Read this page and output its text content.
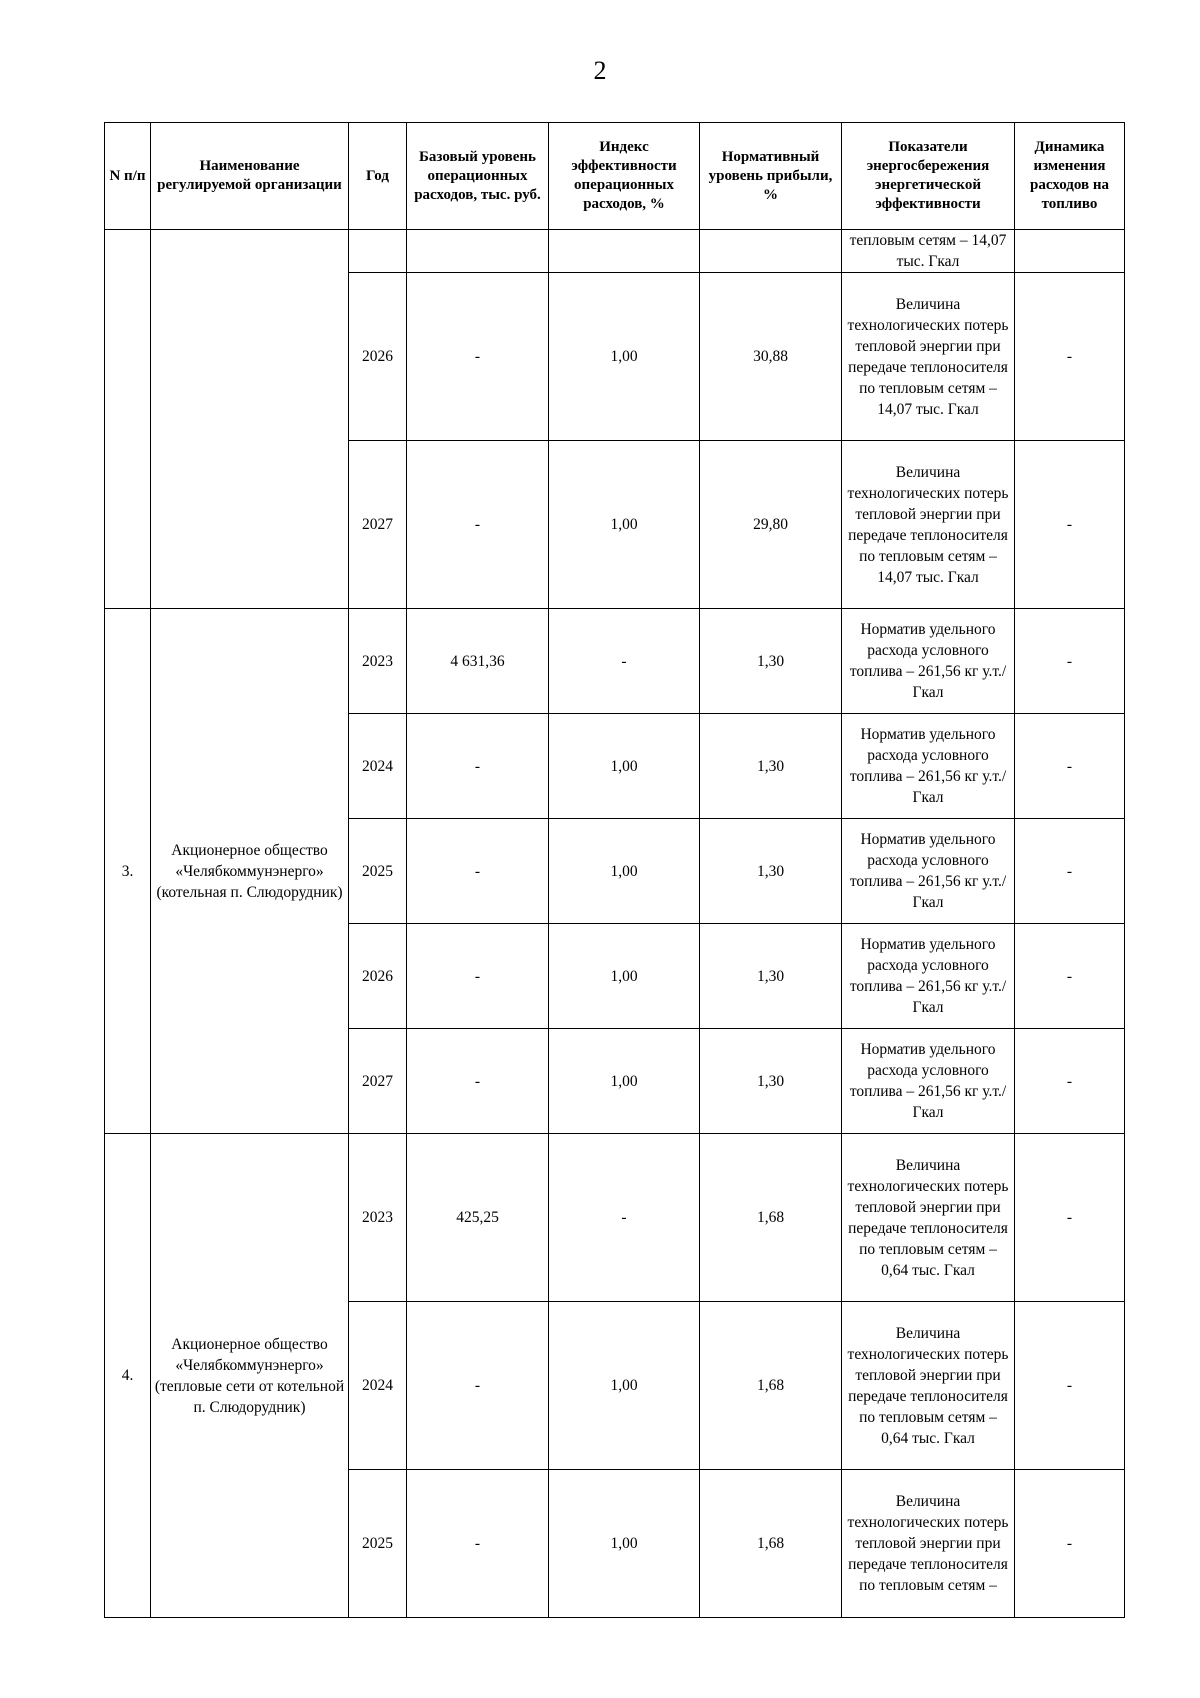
2
N п/п	Наименование регулируемой организации	Год	Базовый уровень операционных расходов, тыс. руб.	Индекс эффективности операционных расходов, %	Нормативный уровень прибыли, %	Показатели энергосбережения энергетической эффективности	Динамика изменения расходов на топливо
						тепловым сетям – 14,07 тыс. Гкал	
		2026	-	1,00	30,88	Величина технологических потерь тепловой энергии при передаче теплоносителя по тепловым сетям – 14,07 тыс. Гкал	-
		2027	-	1,00	29,80	Величина технологических потерь тепловой энергии при передаче теплоносителя по тепловым сетям – 14,07 тыс. Гкал	-
3.	Акционерное общество «Челябкоммунэнерго» (котельная п. Слюдорудник)	2023	4 631,36	-	1,30	Норматив удельного расхода условного топлива – 261,56 кг у.т./Гкал	-
		2024	-	1,00	1,30	Норматив удельного расхода условного топлива – 261,56 кг у.т./Гкал	-
		2025	-	1,00	1,30	Норматив удельного расхода условного топлива – 261,56 кг у.т./Гкал	-
		2026	-	1,00	1,30	Норматив удельного расхода условного топлива – 261,56 кг у.т./Гкал	-
		2027	-	1,00	1,30	Норматив удельного расхода условного топлива – 261,56 кг у.т./Гкал	-
4.	Акционерное общество «Челябкоммунэнерго» (тепловые сети от котельной п. Слюдорудник)	2023	425,25	-	1,68	Величина технологических потерь тепловой энергии при передаче теплоносителя по тепловым сетям – 0,64 тыс. Гкал	-
		2024	-	1,00	1,68	Величина технологических потерь тепловой энергии при передаче теплоносителя по тепловым сетям – 0,64 тыс. Гкал	-
		2025	-	1,00	1,68	Величина технологических потерь тепловой энергии при передаче теплоносителя по тепловым сетям –	-
